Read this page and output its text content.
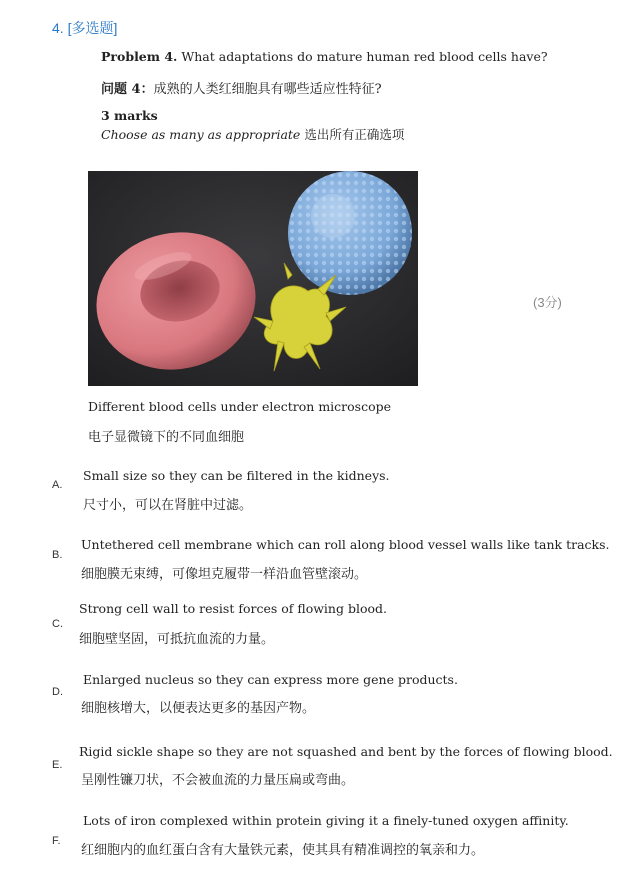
4. [多选题]
Problem 4. What adaptations do mature human red blood cells have?
问题 4：成熟的人类红细胞具有哪些适应性特征?
3 marks
Choose as many as appropriate 选出所有正确选项
(3分)
Different blood cells under electron microscope
电子显微镜下的不同血细胞
A.
Small size so they can be filtered in the kidneys.
尺寸小，可以在肾脏中过滤。
B.
Untethered cell membrane which can roll along blood vessel walls like tank tracks.
细胞膜无束缚，可像坦克履带一样沿血管壁滚动。
C.
Strong cell wall to resist forces of flowing blood.
细胞壁坚固，可抵抗血流的力量。
D.
Enlarged nucleus so they can express more gene products.
细胞核增大，以便表达更多的基因产物。
E.
Rigid sickle shape so they are not squashed and bent by the forces of flowing blood.
呈刚性镰刀状，不会被血流的力量压扁或弯曲。
F.
Lots of iron complexed within protein giving it a finely-tuned oxygen affinity.
红细胞内的血红蛋白含有大量铁元素，使其具有精准调控的氧亲和力。
